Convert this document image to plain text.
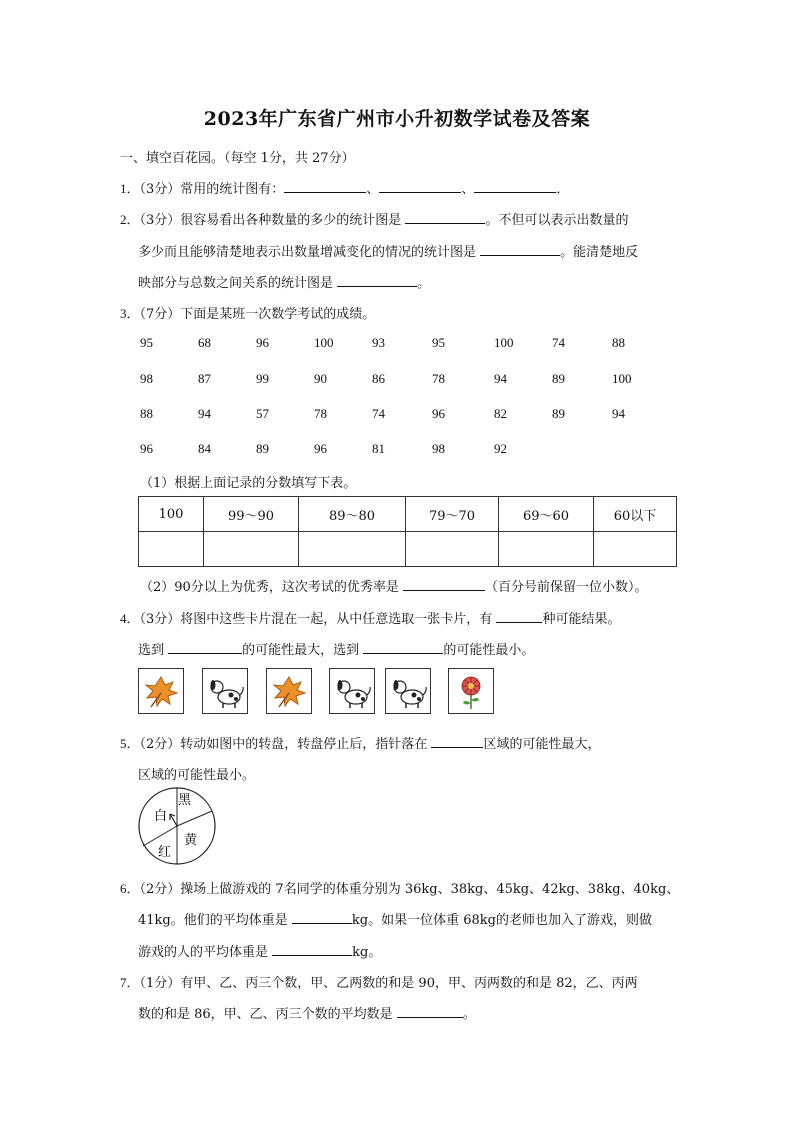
2023年广东省广州市小升初数学试卷及答案
一、填空百花园。（每空 1分，共 27分）
1．（3分）常用的统计图有：	、	、	．
2．（3分）很容易看出各种数量的多少的统计图是	。不但可以表示出数量的
多少而且能够清楚地表示出数量增减变化的情况的统计图是	。能清楚地反
映部分与总数之间关系的统计图是	。
3．（7分）下面是某班一次数学考试的成绩。
95	68	96	100	93	95	100	74	88
98	87	99	90	86	78	94	89	100
88	94	57	78	74	96	82	89	94
96	84	89	96	81	98	92
（1）根据上面记录的分数填写下表。
100	99～90	89～80	79～70	69～60	60以下

（2）90分以上为优秀，这次考试的优秀率是	（百分号前保留一位小数）。
4．（3分）将图中这些卡片混在一起，从中任意选取一张卡片，有	种可能结果。
选到	的可能性最大，选到	的可能性最小。
5．（2分）转动如图中的转盘，转盘停止后，指针落在	区域的可能性最大，
区域的可能性最小。
黑
白
黄
红
6．（2分）操场上做游戏的 7名同学的体重分别为 36kg、38kg、45kg、42kg、38kg、40kg、
41kg。他们的平均体重是	kg。如果一位体重 68kg的老师也加入了游戏，则做
游戏的人的平均体重是	kg。
7．（1分）有甲、乙、丙三个数，甲、乙两数的和是 90，甲、丙两数的和是 82，乙、丙两
数的和是 86，甲、乙、丙三个数的平均数是	。
